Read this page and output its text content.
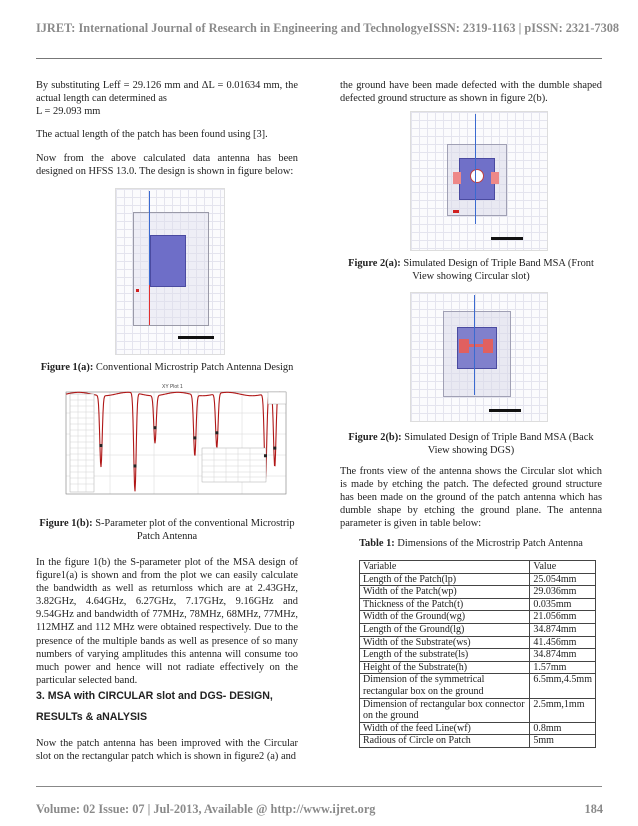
IJRET: International Journal of Research in Engineering and Technology eISSN: 2319-1163 | pISSN: 2321-7308

By substituting Leff = 29.126 mm and ΔL = 0.01634 mm, the

actual length can determined as

L = 29.093 mm

The actual length of the patch has been found using [3].

Now from the above calculated data antenna has been designed on HFSS 13.0. The design is shown in figure below:

Figure 1(a): Conventional Microstrip Patch Antenna Design
XY Plot 1
Figure 1(b): S-Parameter plot of the conventional Microstrip Patch Antenna

In the figure 1(b) the S-parameter plot of the MSA design of figure1(a) is shown and from the plot we can easily calculate the bandwidth as well as returnloss which are at 2.43GHz, 3.82GHz, 4.64GHz, 6.27GHz, 7.17GHz, 9.16GHz and 9.54GHz and bandwidth of 77MHz, 78MHz, 68MHz, 77MHz, 112MHZ and 112 MHz were obtained respectively. Due to the presence of the multiple bands as well as presence of so many numbers of varying amplitudes this antenna will consume too much power and hence will not radiate effectively on the particular selected band.

3. MSA with CIRCULAR slot and DGS- DESIGN,

RESULTs & aNALYSIS

Now the patch antenna has been improved with the Circular slot on the rectangular patch which is shown in figure2 (a) and

the ground have been made defected with the dumble shaped defected ground structure as shown in figure 2(b).

Figure 2(a): Simulated Design of Triple Band MSA (Front View showing Circular slot)
Figure 2(b): Simulated Design of Triple Band MSA (Back View showing DGS)

The fronts view of the antenna shows the Circular slot which is made by etching the patch. The defected ground structure has been made on the ground of the patch antenna which has dumble shape by etching the ground plane. The antenna parameter is given in table below:

Table 1: Dimensions of the Microstrip Patch Antenna
Variable	Value
Length of the Patch(lp)	25.054mm
Width of the Patch(wp)	29.036mm
Thickness of the Patch(t)	0.035mm
Width of the Ground(wg)	21.056mm
Length of the Ground(lg)	34.874mm
Width of the Substrate(ws)	41.456mm
Length of the substrate(ls)	34.874mm
Height of the Substrate(h)	1.57mm
Dimension of the symmetrical rectangular box on the ground	6.5mm,4.5mm
Dimension of rectangular box connector on the ground	2.5mm,1mm
Width of the feed Line(wf)	0.8mm
Radious of Circle on Patch	5mm
Volume: 02 Issue: 07 | Jul-2013, Available @ http://www.ijret.org	184
